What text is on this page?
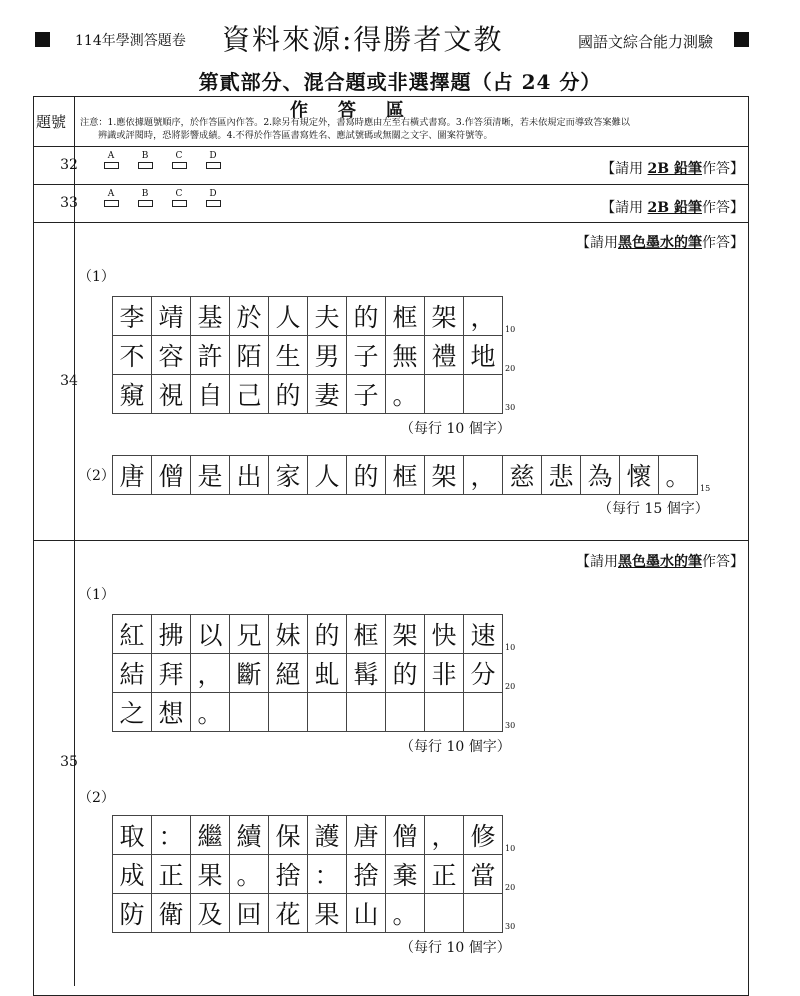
114年學測答題卷 資料來源:得勝者文教	國語文綜合能力測驗
第貳部分、混合題或非選擇題（占 24 分）
題號
作答區
注意：1.應依據題號順序，於作答區內作答。2.除另有規定外，書寫時應由左至右橫式書寫。3.作答須清晰，若未依規定而導致答案難以
辨識或評閱時，恐將影響成績。4.不得於作答區書寫姓名、應試號碼或無關之文字、圖案符號等。
32
A	B	C	D
【請用 2B 鉛筆作答】
33
A	B	C	D
【請用 2B 鉛筆作答】
34
【請用黑色墨水的筆作答】
（1）
李 靖 基 於 人 夫 的 框 架 ，
不 容 許 陌 生 男 子 無 禮 地
窺 視 自 己 的 妻 子 。
10
20
30
（每行 10 個字）
（2） 唐 僧 是 出 家 人 的 框 架 ， 慈 悲 為 懷 。	15
（每行 15 個字）
35
【請用黑色墨水的筆作答】
（1）
紅 拂 以 兄 妹 的 框 架 快 速
結 拜 ， 斷 絕 虬 髯 的 非 分
之 想 。
10
20
30
（每行 10 個字）
（2）
取 ： 繼 續 保 護 唐 僧 ， 修
成 正 果 。 捨 ： 捨 棄 正 當
防 衛 及 回 花 果 山 。
10
20
30
（每行 10 個字）
